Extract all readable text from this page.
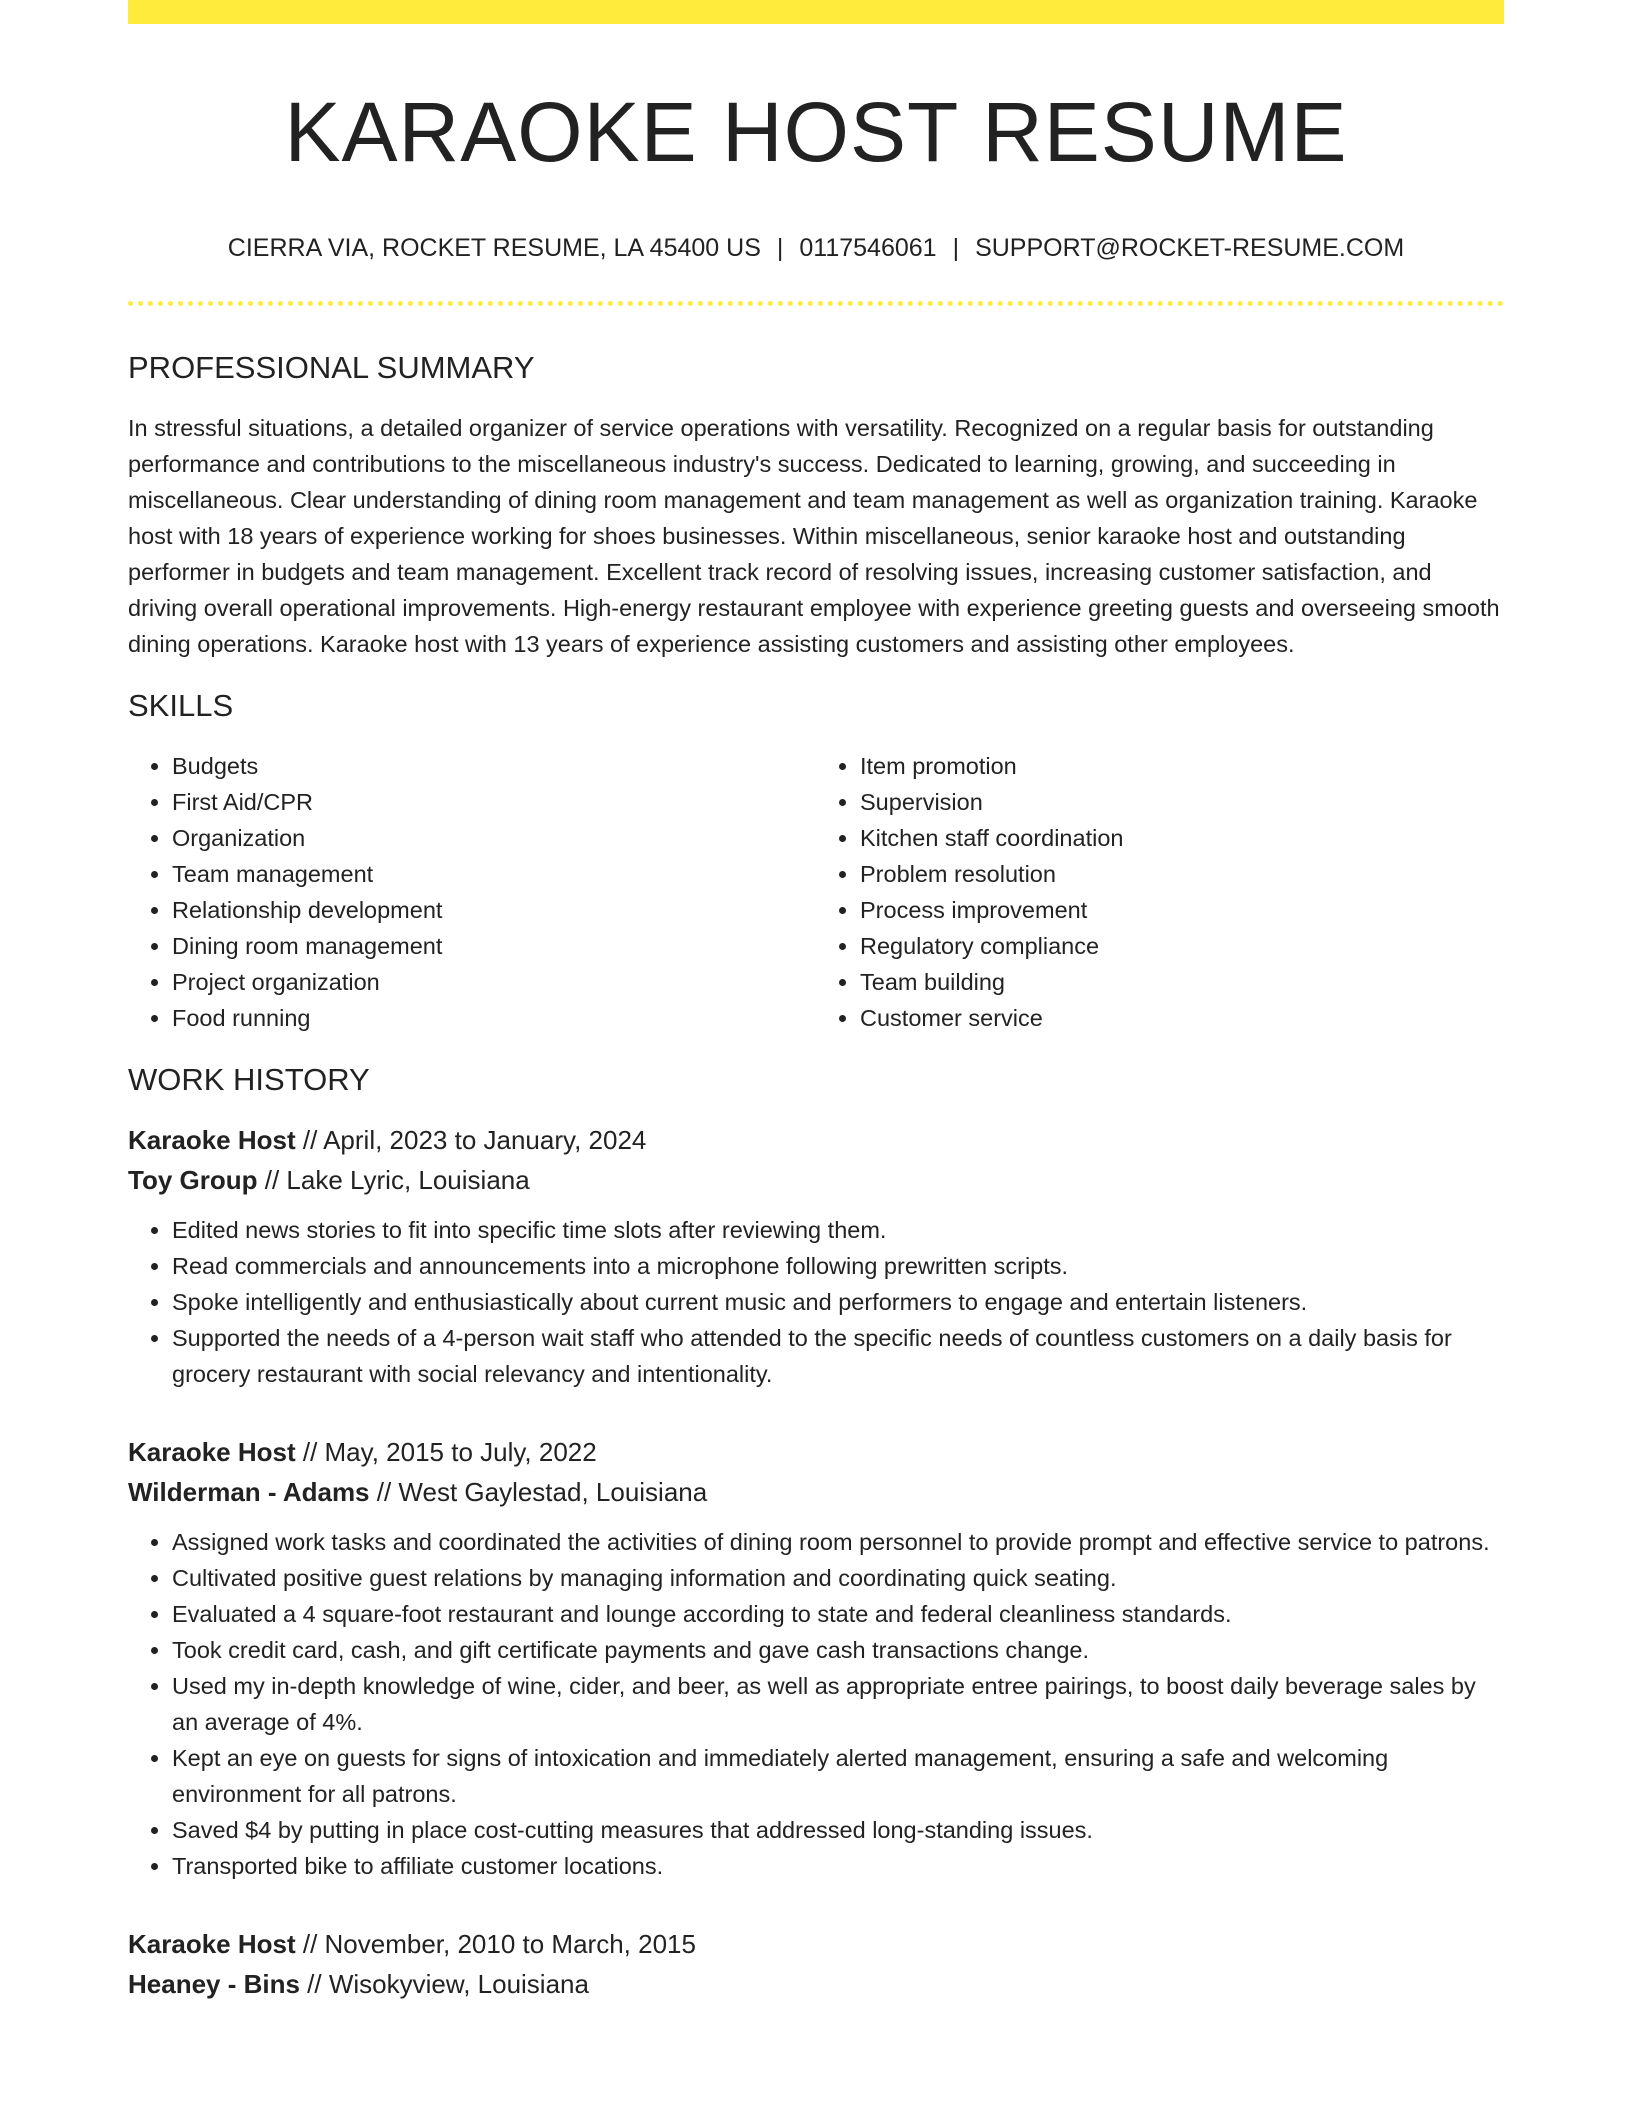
KARAOKE HOST RESUME
CIERRA VIA, ROCKET RESUME, LA 45400 US | 0117546061 | SUPPORT@ROCKET-RESUME.COM
PROFESSIONAL SUMMARY

In stressful situations, a detailed organizer of service operations with versatility. Recognized on a regular basis for outstanding performance and contributions to the miscellaneous industry's success. Dedicated to learning, growing, and succeeding in miscellaneous. Clear understanding of dining room management and team management as well as organization training. Karaoke host with 18 years of experience working for shoes businesses. Within miscellaneous, senior karaoke host and outstanding performer in budgets and team management. Excellent track record of resolving issues, increasing customer satisfaction, and driving overall operational improvements. High-energy restaurant employee with experience greeting guests and overseeing smooth dining operations. Karaoke host with 13 years of experience assisting customers and assisting other employees.

SKILLS
• Budgets
• First Aid/CPR
• Organization
• Team management
• Relationship development
• Dining room management
• Project organization
• Food running
• Item promotion
• Supervision
• Kitchen staff coordination
• Problem resolution
• Process improvement
• Regulatory compliance
• Team building
• Customer service
WORK HISTORY
Karaoke Host // April, 2023 to January, 2024
Toy Group // Lake Lyric, Louisiana
• Edited news stories to fit into specific time slots after reviewing them.
• Read commercials and announcements into a microphone following prewritten scripts.
• Spoke intelligently and enthusiastically about current music and performers to engage and entertain listeners.
• Supported the needs of a 4-person wait staff who attended to the specific needs of countless customers on a daily basis for grocery restaurant with social relevancy and intentionality.
Karaoke Host // May, 2015 to July, 2022
Wilderman - Adams // West Gaylestad, Louisiana
• Assigned work tasks and coordinated the activities of dining room personnel to provide prompt and effective service to patrons.
• Cultivated positive guest relations by managing information and coordinating quick seating.
• Evaluated a 4 square-foot restaurant and lounge according to state and federal cleanliness standards.
• Took credit card, cash, and gift certificate payments and gave cash transactions change.
• Used my in-depth knowledge of wine, cider, and beer, as well as appropriate entree pairings, to boost daily beverage sales by an average of 4%.
• Kept an eye on guests for signs of intoxication and immediately alerted management, ensuring a safe and welcoming environment for all patrons.
• Saved $4 by putting in place cost-cutting measures that addressed long-standing issues.
• Transported bike to affiliate customer locations.
Karaoke Host // November, 2010 to March, 2015
Heaney - Bins // Wisokyview, Louisiana
